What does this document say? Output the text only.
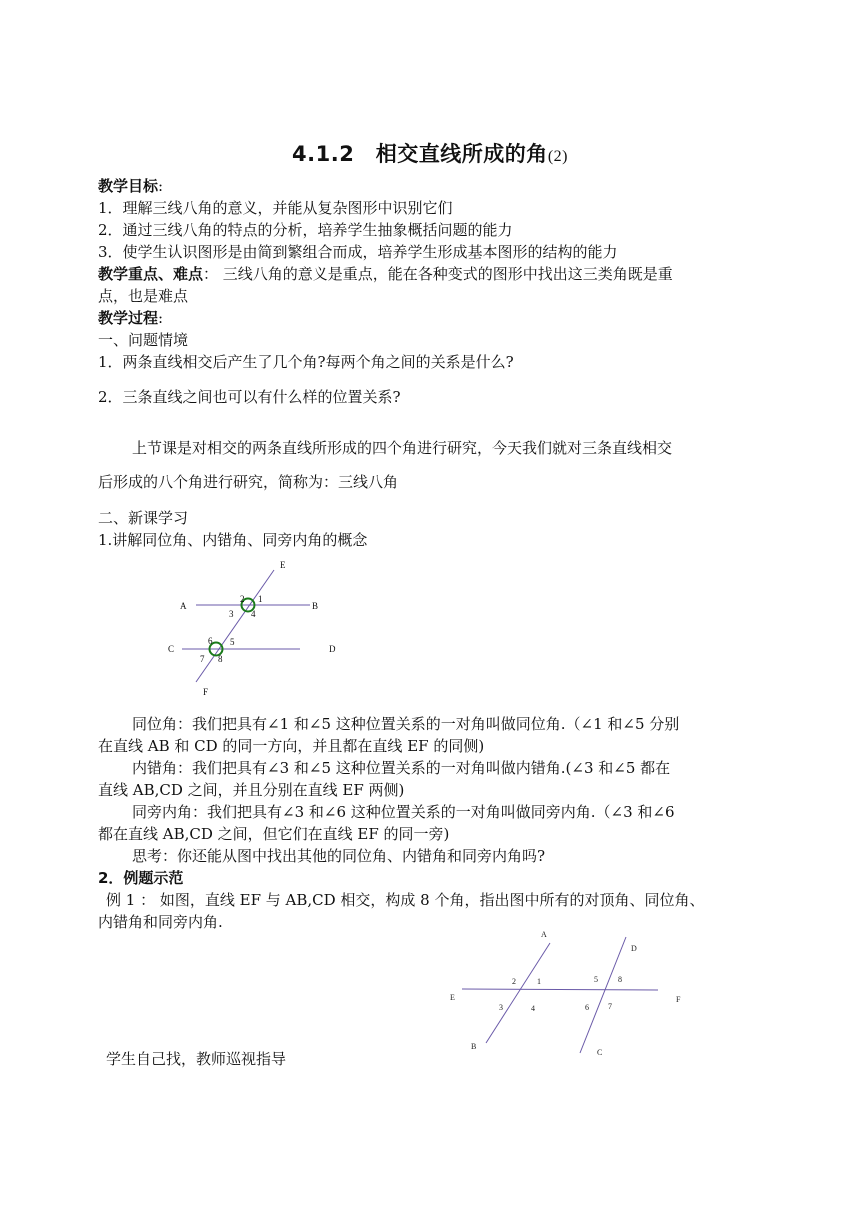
4.1.2　相交直线所成的角(2)
教学目标:
1．理解三线八角的意义，并能从复杂图形中识别它们
2．通过三线八角的特点的分析，培养学生抽象概括问题的能力
3．使学生认识图形是由简到繁组合而成，培养学生形成基本图形的结构的能力
教学重点、难点： 三线八角的意义是重点，能在各种变式的图形中找出这三类角既是重
点，也是难点
教学过程:
一、问题情境
1．两条直线相交后产生了几个角?每两个角之间的关系是什么?
2．三条直线之间也可以有什么样的位置关系?
上节课是对相交的两条直线所形成的四个角进行研究，今天我们就对三条直线相交
后形成的八个角进行研究，简称为：三线八角
二、新课学习
1.讲解同位角、内错角、同旁内角的概念
E
A	B
C	D
F
2 1
3 4
6 5
7 8
同位角：我们把具有∠1 和∠5 这种位置关系的一对角叫做同位角.（∠1 和∠5 分别
在直线 AB 和 CD 的同一方向，并且都在直线 EF 的同侧)
内错角：我们把具有∠3 和∠5 这种位置关系的一对角叫做内错角.(∠3 和∠5 都在
直线 AB,CD 之间，并且分别在直线 EF 两侧)
同旁内角：我们把具有∠3 和∠6 这种位置关系的一对角叫做同旁内角.（∠3 和∠6
都在直线 AB,CD 之间，但它们在直线 EF 的同一旁)
思考：你还能从图中找出其他的同位角、内错角和同旁内角吗?
2．例题示范
例 1 ： 如图，直线 EF 与 AB,CD 相交，构成 8 个角，指出图中所有的对顶角、同位角、
内错角和同旁内角.
A
D
E	F
B
C
2	1
3	4
5	8
6 7
学生自己找，教师巡视指导
